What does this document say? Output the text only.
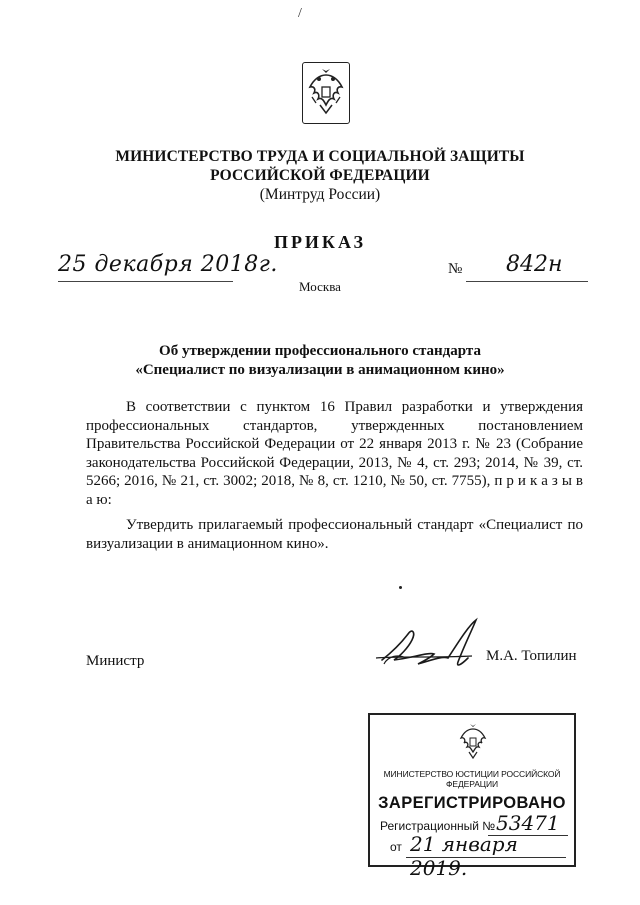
/
МИНИСТЕРСТВО ТРУДА И СОЦИАЛЬНОЙ ЗАЩИТЫ
РОССИЙСКОЙ ФЕДЕРАЦИИ
(Минтруд России)
ПРИКАЗ
25 декабря 2018г.	№ 842н
Москва
Об утверждении профессионального стандарта
«Специалист по визуализации в анимационном кино»
В соответствии с пунктом 16 Правил разработки и утверждения профессиональных стандартов, утвержденных постановлением Правительства Российской Федерации от 22 января 2013 г. № 23 (Собрание законодательства Российской Федерации, 2013, № 4, ст. 293; 2014, № 39, ст. 5266; 2016, № 21, ст. 3002; 2018, № 8, ст. 1210, № 50, ст. 7755), п р и к а з ы в а ю:
Утвердить прилагаемый профессиональный стандарт «Специалист по визуализации в анимационном кино».
Министр	М.А. Топилин
МИНИСТЕРСТВО ЮСТИЦИИ РОССИЙСКОЙ ФЕДЕРАЦИИ
ЗАРЕГИСТРИРОВАНО
Регистрационный № 53471
от 21 января 2019.
